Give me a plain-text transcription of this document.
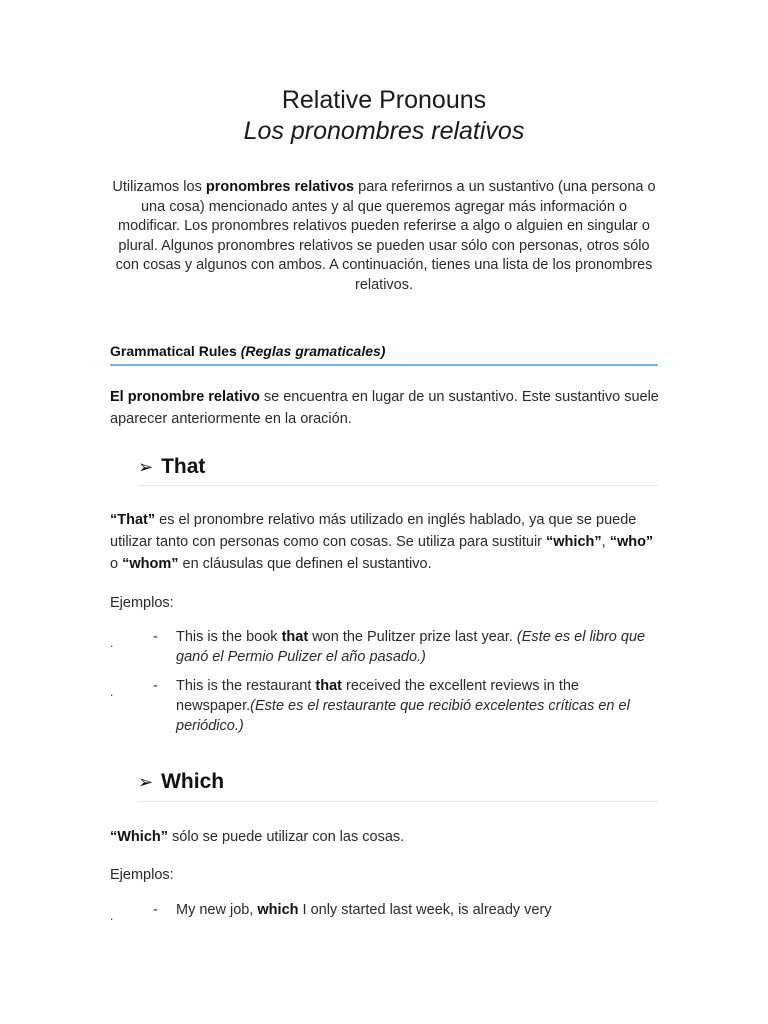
Relative Pronouns
Los pronombres relativos
Utilizamos los pronombres relativos para referirnos a un sustantivo (una persona o una cosa) mencionado antes y al que queremos agregar más información o modificar. Los pronombres relativos pueden referirse a algo o alguien en singular o plural. Algunos pronombres relativos se pueden usar sólo con personas, otros sólo con cosas y algunos con ambos. A continuación, tienes una lista de los pronombres relativos.
Grammatical Rules (Reglas gramaticales)
El pronombre relativo se encuentra en lugar de un sustantivo. Este sustantivo suele aparecer anteriormente en la oración.
➢ That
“That” es el pronombre relativo más utilizado en inglés hablado, ya que se puede utilizar tanto con personas como con cosas. Se utiliza para sustituir “which”, “who” o “whom” en cláusulas que definen el sustantivo.
Ejemplos:
.	- This is the book that won the Pulitzer prize last year. (Este es el libro que ganó el Permio Pulizer el año pasado.)
.	- This is the restaurant that received the excellent reviews in the newspaper.(Este es el restaurante que recibió excelentes críticas en el periódico.)
➢ Which
“Which” sólo se puede utilizar con las cosas.
Ejemplos:
.	- My new job, which I only started last week, is already very
